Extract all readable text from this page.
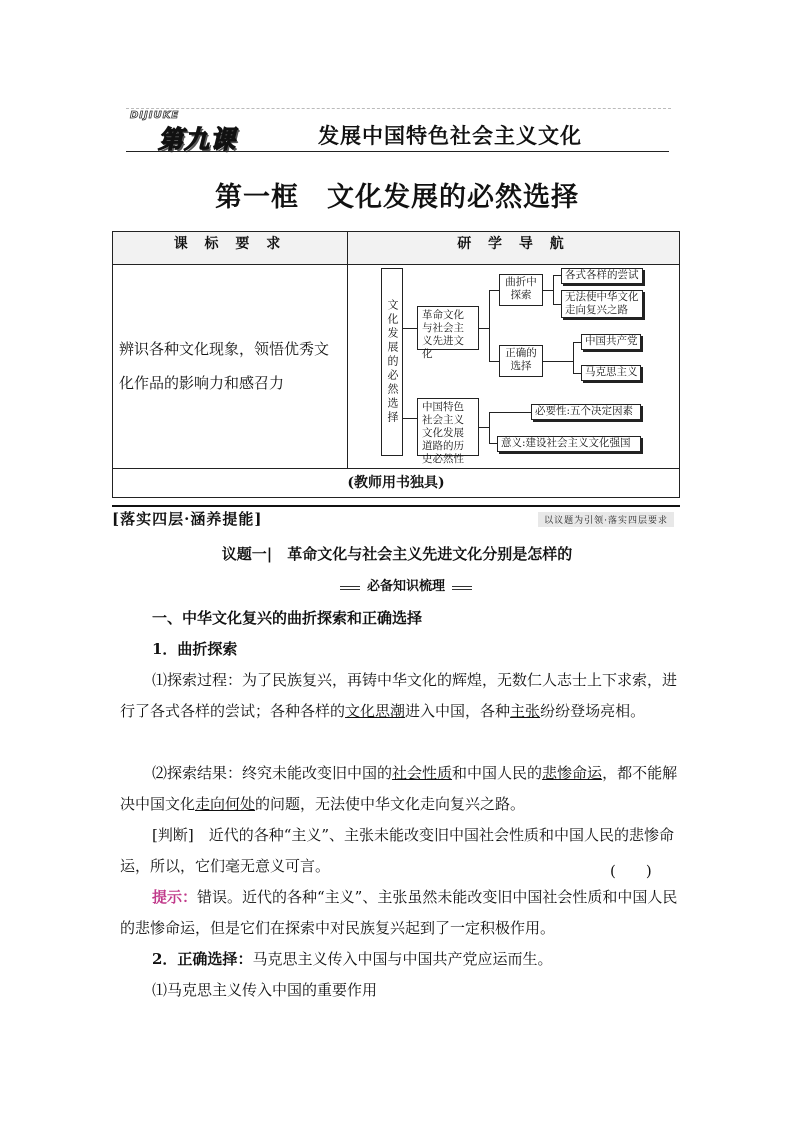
DIJIUKE
第九课	发展中国特色社会主义文化
第一框　文化发展的必然选择
课 标 要 求	研 学 导 航
辨识各种文化现象，领悟优秀文化作品的影响力和感召力
(教师用书独具)
文化发展的必然选择	革命文化与社会主义先进文化
曲折中探索
各式各样的尝试
无法使中华文化走向复兴之路
正确的选择
中国共产党
马克思主义
中国特色社会主义文化发展道路的历史必然性
必要性:五个决定因素
意义:建设社会主义文化强国
[落实四层·涵养提能]	以议题为引领·落实四层要求
议题一|　革命文化与社会主义先进文化分别是怎样的
必备知识梳理
一、中华文化复兴的曲折探索和正确选择
1．曲折探索
⑴探索过程：为了民族复兴，再铸中华文化的辉煌，无数仁人志士上下求索，进行了各式各样的尝试；各种各样的文化思潮进入中国，各种主张纷纷登场亮相。
⑵探索结果：终究未能改变旧中国的社会性质和中国人民的悲惨命运，都不能解决中国文化走向何处的问题，无法使中华文化走向复兴之路。
[判断]　近代的各种“主义”、主张未能改变旧中国社会性质和中国人民的悲惨命运，所以，它们毫无意义可言。	(　　)
提示：错误。近代的各种“主义”、主张虽然未能改变旧中国社会性质和中国人民的悲惨命运，但是它们在探索中对民族复兴起到了一定积极作用。
2．正确选择：马克思主义传入中国与中国共产党应运而生。
⑴马克思主义传入中国的重要作用
